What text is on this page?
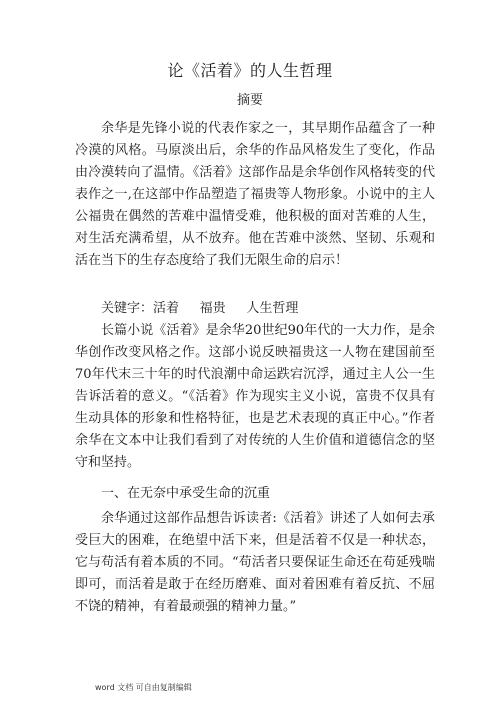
论《活着》的人生哲理
摘要

余华是先锋小说的代表作家之一，其早期作品蕴含了一种冷漠的风格。马原淡出后，余华的作品风格发生了变化，作品由冷漠转向了温情。《活着》这部作品是余华创作风格转变的代表作之一,在这部中作品塑造了福贵等人物形象。小说中的主人公福贵在偶然的苦难中温情受难，他积极的面对苦难的人生，对生活充满希望，从不放弃。他在苦难中淡然、坚韧、乐观和活在当下的生存态度给了我们无限生命的启示！

关键字：活着     福贵     人生哲理

长篇小说《活着》是余华20世纪90年代的一大力作，是余华创作改变风格之作。这部小说反映福贵这一人物在建国前至70年代末三十年的时代浪潮中命运跌宕沉浮，通过主人公一生告诉活着的意义。“《活着》作为现实主义小说，富贵不仅具有生动具体的形象和性格特征，也是艺术表现的真正中心。”作者余华在文本中让我们看到了对传统的人生价值和道德信念的坚守和坚持。

一、在无奈中承受生命的沉重

余华通过这部作品想告诉读者:《活着》讲述了人如何去承受巨大的困难，在绝望中活下来，但是活着不仅是一种状态，它与苟活有着本质的不同。“苟活者只要保证生命还在苟延残喘即可，而活着是敢于在经历磨难、面对着困难有着反抗、不屈不饶的精神，有着最顽强的精神力量。”

word 文档 可自由复制编辑
